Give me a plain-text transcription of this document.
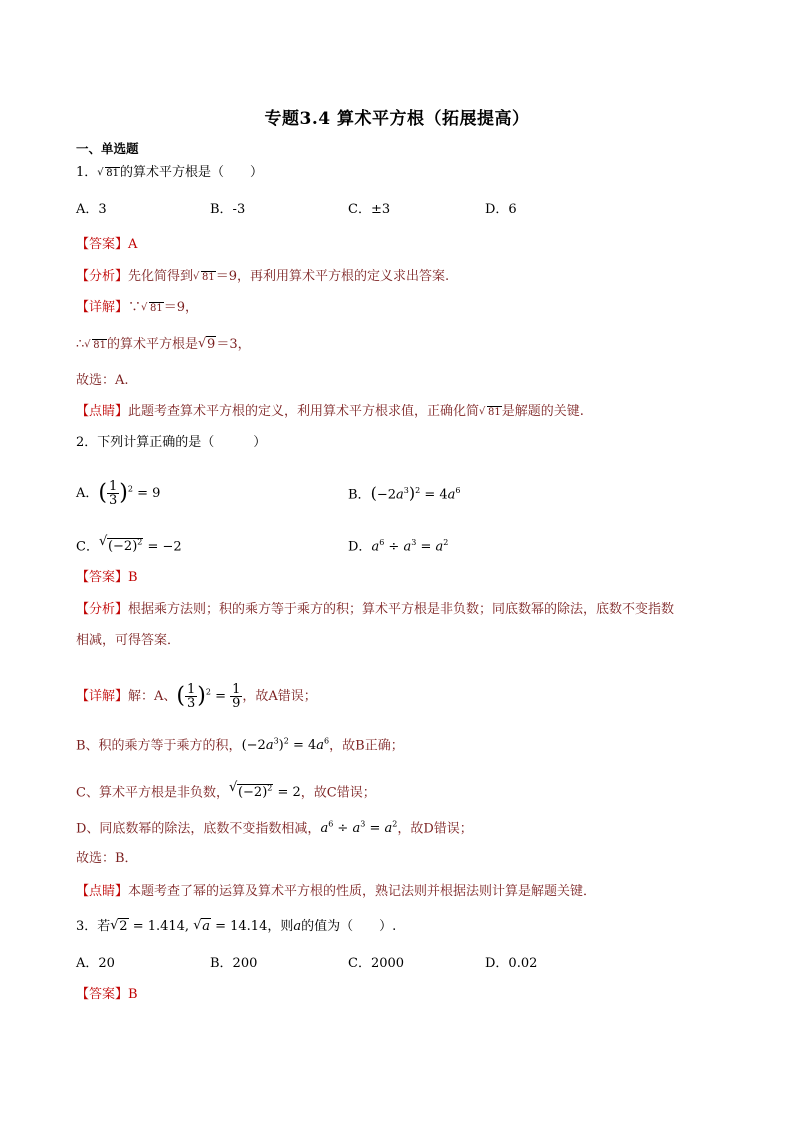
专题3.4 算术平方根（拓展提高）
一、单选题
1． √ 81的算术平方根是（　　）
A．3	B．-3	C．±3	D．6
【答案】A
【分析】先化简得到 √ 81＝9，再利用算术平方根的定义求出答案.
【详解】∵ √ 81＝9，
∴ √ 81的算术平方根是 √ 9＝3，
故选：A.
【点睛】此题考查算术平方根的定义，利用算术平方根求值，正确化简 √ 81是解题的关键.
2．下列计算正确的是（　　　）
A．( $\frac{1}{3} )^2 = 9$	B．$(-2a^3)^2 = 4a^6$
C． √ $(-2)^2 = -2$	D．$a^6 \div a^3 = a^2$
【答案】B
【分析】根据乘方法则；积的乘方等于乘方的积；算术平方根是非负数；同底数幂的除法，底数不变指数
相减，可得答案．
【详解】解：A、( $\frac{1}{3} )^2 = \frac{1}{9}$ ，故A错误；
B、积的乘方等于乘方的积，$(-2a^3)^2 = 4a^6$，故B正确；
C、算术平方根是非负数， √ $(-2)^2 = 2$，故C错误；
D、同底数幂的除法，底数不变指数相减，$a^6 \div a^3 = a^2$，故D错误；
故选：B．
【点睛】本题考查了幂的运算及算术平方根的性质，熟记法则并根据法则计算是解题关键．
3．若 √ 2 = 1.414, √ a = 14.14，则a的值为（　　）.
A．20	B．200	C．2000	D．0.02
【答案】B
